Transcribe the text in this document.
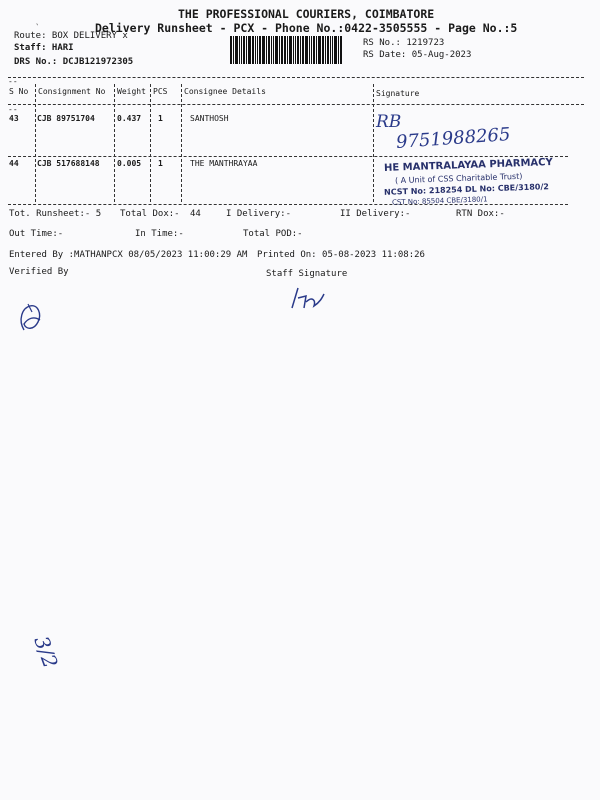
THE PROFESSIONAL COURIERS, COIMBATORE
Delivery Runsheet - PCX - Phone No.:0422-3505555 - Page No.:5
Route: BOX DELIVERY x
Staff: HARI
DRS No.: DCJB121972305
RS No.: 1219723
RS Date: 05-Aug-2023
--
S No Consignment No Weight PCS Consignee Details	Signature
--
43 CJB 89751704	0.437 1	SANTHOSH	RB
9751988265
44 CJB 517688148 0.005 1	THE MANTHRAYAA	HE MANTRALAYAA PHARMACY
( A Unit of CSS Charitable Trust)
NCST No: 218254 DL No: CBE/3180/2
CST No: 85504 CBE/3180/1
Tot. Runsheet:- 5 Total Dox:- 44	I Delivery:-	II Delivery:-	RTN Dox:-
Out Time:-	In Time:-	Total POD:-
Entered By :MATHANPCX 08/05/2023 11:00:29 AM Printed On: 05-08-2023 11:08:26
Verified By	Staff Signature
3/2
`
